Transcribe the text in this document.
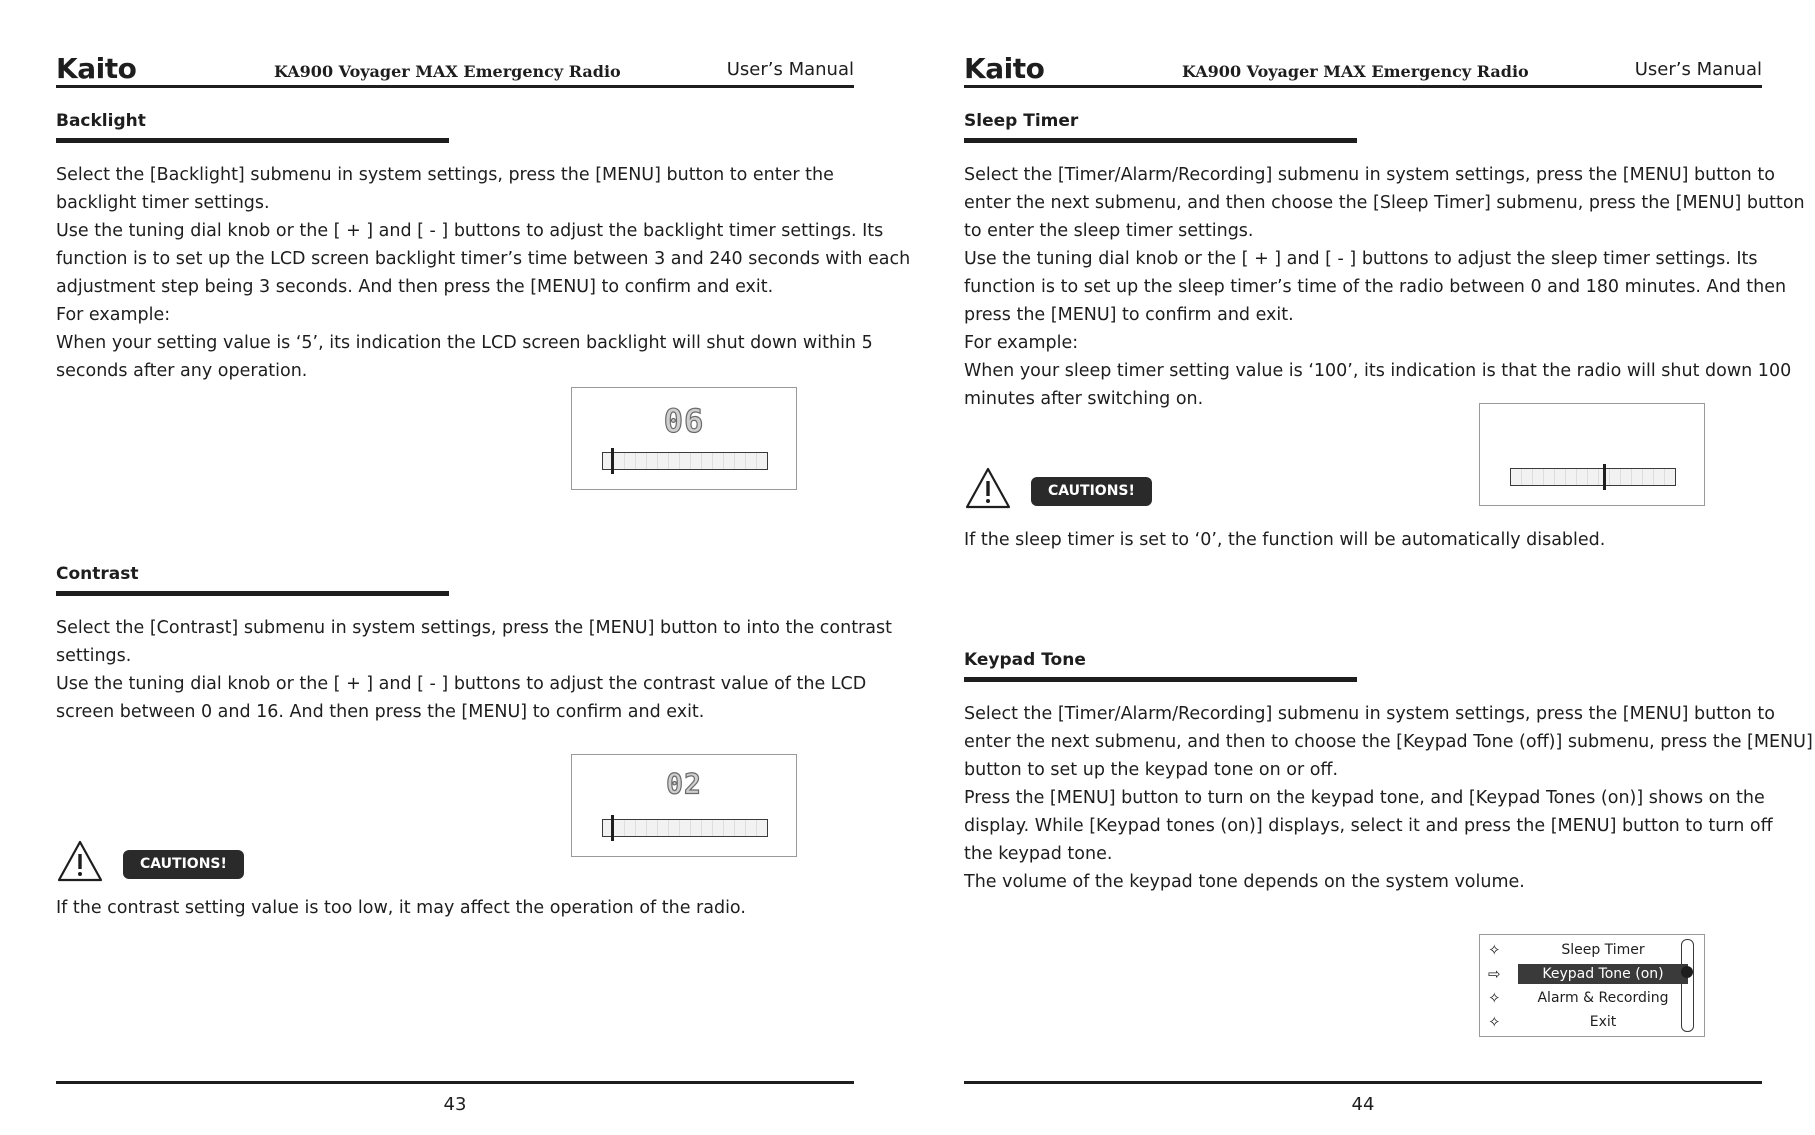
Kaito	KA900 Voyager MAX Emergency Radio	User’s Manual
Backlight

Select the [Backlight] submenu in system settings, press the [MENU] button to enter the

backlight timer settings.

Use the tuning dial knob or the [ + ] and [ - ] buttons to adjust the backlight timer settings. Its

function is to set up the LCD screen backlight timer’s time between 3 and 240 seconds with each

adjustment step being 3 seconds. And then press the [MENU] to confirm and exit.

For example:

When your setting value is ‘5’, its indication the LCD screen backlight will shut down within 5

seconds after any operation.

06
Contrast

Select the [Contrast] submenu in system settings, press the [MENU] button to into the contrast

settings.

Use the tuning dial knob or the [ + ] and [ - ] buttons to adjust the contrast value of the LCD

screen between 0 and 16. And then press the [MENU] to confirm and exit.

02
CAUTIONS!
If the contrast setting value is too low, it may affect the operation of the radio.
43
Kaito	KA900 Voyager MAX Emergency Radio	User’s Manual
Sleep Timer

Select the [Timer/Alarm/Recording] submenu in system settings, press the [MENU] button to

enter the next submenu, and then choose the [Sleep Timer] submenu, press the [MENU] button

to enter the sleep timer settings.

Use the tuning dial knob or the [ + ] and [ - ] buttons to adjust the sleep timer settings. Its

function is to set up the sleep timer’s time of the radio between 0 and 180 minutes. And then

press the [MENU] to confirm and exit.

For example:

When your sleep timer setting value is ‘100’, its indication is that the radio will shut down 100

minutes after switching on.

CAUTIONS!
If the sleep timer is set to ‘0’, the function will be automatically disabled.
Keypad Tone

Select the [Timer/Alarm/Recording] submenu in system settings, press the [MENU] button to

enter the next submenu, and then to choose the [Keypad Tone (off)] submenu, press the [MENU]

button to set up the keypad tone on or off.

Press the [MENU] button to turn on the keypad tone, and [Keypad Tones (on)] shows on the

display. While [Keypad tones (on)] displays, select it and press the [MENU] button to turn off

the keypad tone.

The volume of the keypad tone depends on the system volume.

✧	Sleep Timer
⇨	Keypad Tone (on)
✧	Alarm & Recording
✧	Exit
44
